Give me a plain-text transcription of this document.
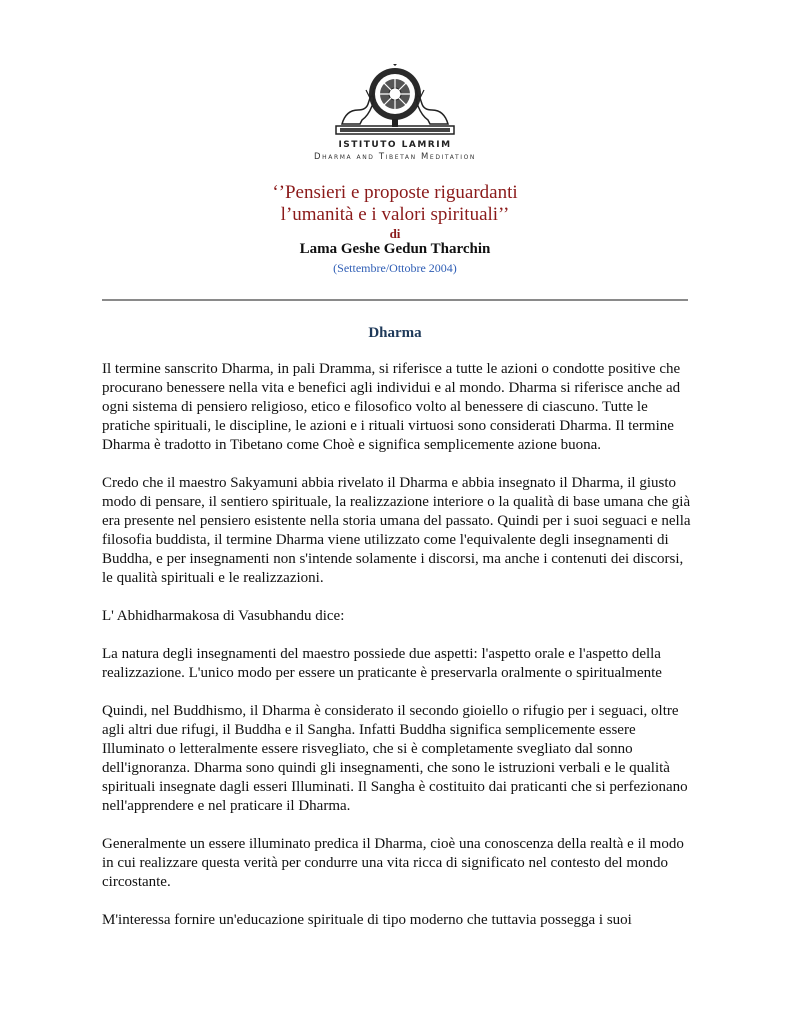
ISTITUTO LAMRIM
Dharma and Tibetan Meditation
‘’Pensieri e proposte riguardanti
l’umanità e i valori spirituali’’
di
Lama Geshe Gedun Tharchin
(Settembre/Ottobre 2004)
Dharma

Il termine sanscrito Dharma, in pali Dramma, si riferisce a tutte le azioni o condotte positive che procurano benessere nella vita e benefici agli individui e al mondo. Dharma si riferisce anche ad ogni sistema di pensiero religioso, etico e filosofico volto al benessere di ciascuno. Tutte le pratiche spirituali, le discipline, le azioni e i rituali virtuosi sono considerati Dharma. Il termine Dharma è tradotto in Tibetano come Choè e significa semplicemente azione buona.

Credo che il maestro Sakyamuni abbia rivelato il Dharma e abbia insegnato il Dharma, il giusto modo di pensare, il sentiero spirituale, la realizzazione interiore o la qualità di base umana che già era presente nel pensiero esistente nella storia umana del passato. Quindi per i suoi seguaci e nella filosofia buddista, il termine Dharma viene utilizzato come l'equivalente degli insegnamenti di Buddha, e per insegnamenti non s'intende solamente i discorsi, ma anche i contenuti dei discorsi, le qualità spirituali e le realizzazioni.

L' Abhidharmakosa di Vasubhandu dice:

La natura degli insegnamenti del maestro possiede due aspetti: l'aspetto orale e l'aspetto della realizzazione. L'unico modo per essere un praticante è preservarla oralmente o spiritualmente

Quindi, nel Buddhismo, il Dharma è considerato il secondo gioiello o rifugio per i seguaci, oltre agli altri due rifugi, il Buddha e il Sangha. Infatti Buddha significa semplicemente essere Illuminato o letteralmente essere risvegliato, che si è completamente svegliato dal sonno dell'ignoranza. Dharma sono quindi gli insegnamenti, che sono le istruzioni verbali e le qualità spirituali insegnate dagli esseri Illuminati. Il Sangha è costituito dai praticanti che si perfezionano nell'apprendere e nel praticare il Dharma.

Generalmente un essere illuminato predica il Dharma, cioè una conoscenza della realtà e il modo in cui realizzare questa verità per condurre una vita ricca di significato nel contesto del mondo circostante.

M'interessa fornire un'educazione spirituale di tipo moderno che tuttavia possegga i suoi
